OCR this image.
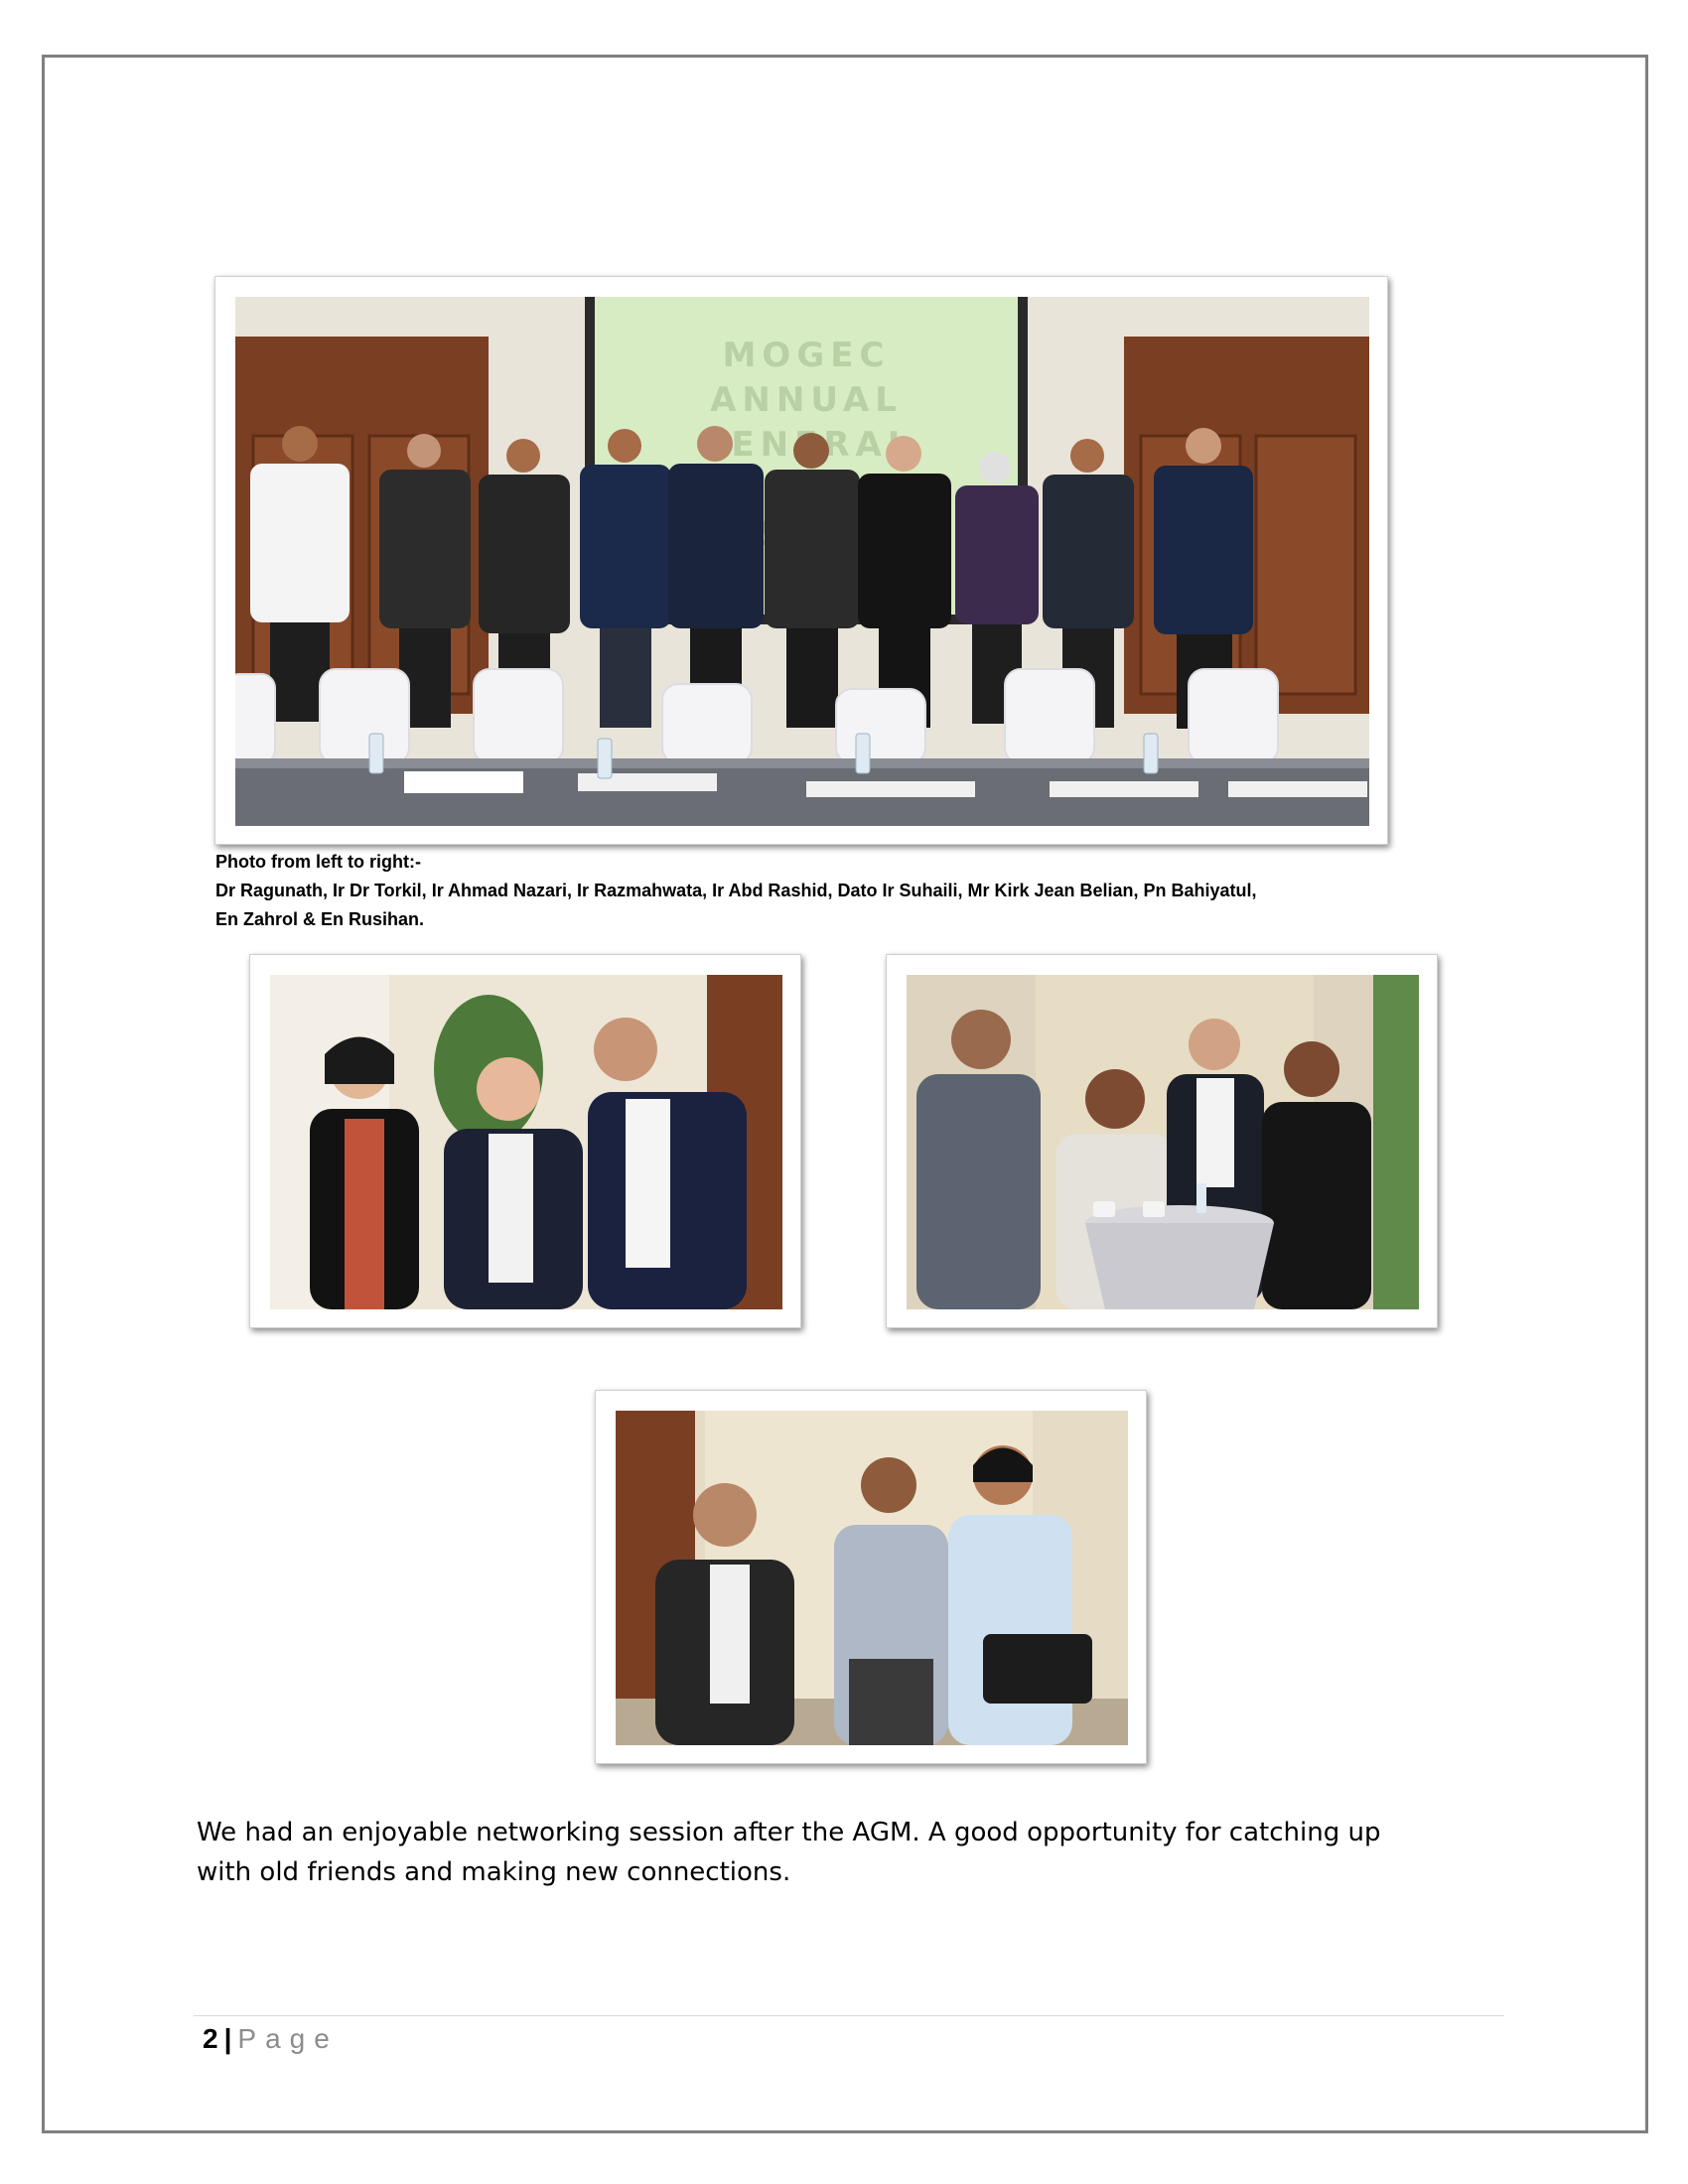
MOGEC
ANNUAL
Photo from left to right:-
Dr Ragunath, Ir Dr Torkil, Ir Ahmad Nazari, Ir Razmahwata, Ir Abd Rashid, Dato Ir Suhaili, Mr Kirk Jean Belian, Pn Bahiyatul,
En Zahrol & En Rusihan.
We had an enjoyable networking session after the AGM. A good opportunity for catching up
with old friends and making new connections.
2 | Page
